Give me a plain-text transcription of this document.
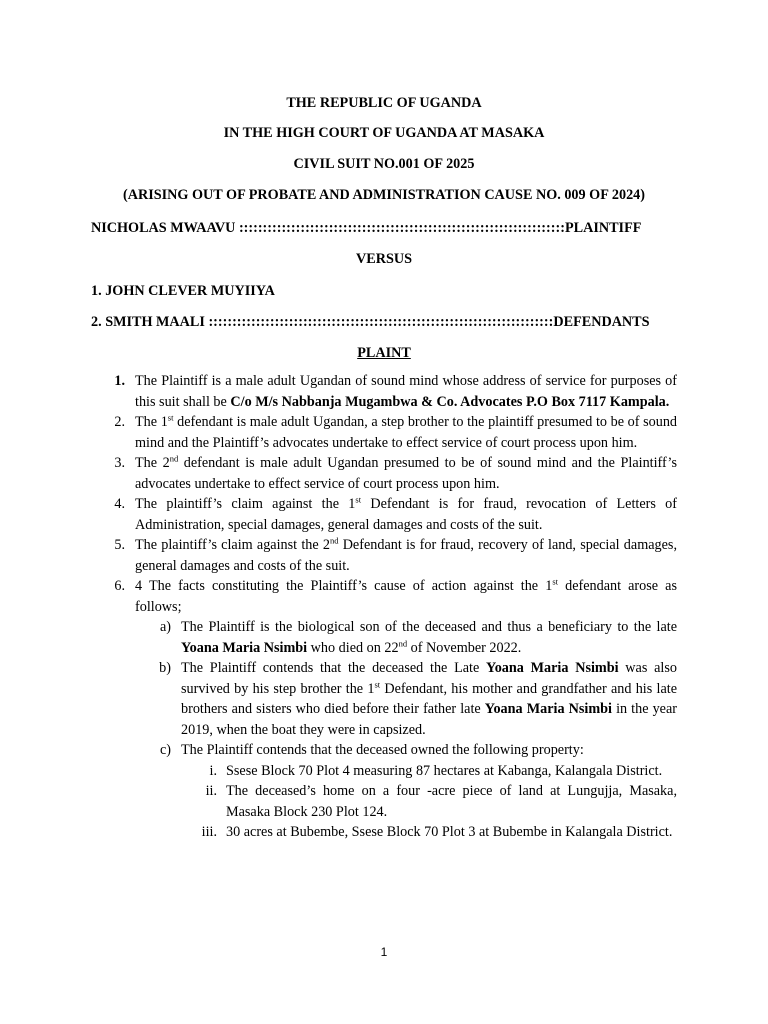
THE REPUBLIC OF UGANDA
IN THE HIGH COURT OF UGANDA AT MASAKA
CIVIL SUIT NO.001 OF 2025
(ARISING OUT OF PROBATE AND ADMINISTRATION CAUSE NO. 009 OF 2024)
NICHOLAS MWAAVU :::::::::::::::::::::::::::::::::::::::::::::::::::::::::::::::::::::PLAINTIFF
VERSUS
1. JOHN CLEVER MUYIIYA
2. SMITH MAALI :::::::::::::::::::::::::::::::::::::::::::::::::::::::::::::::::::::::::DEFENDANTS
PLAINT
1. The Plaintiff is a male adult Ugandan of sound mind whose address of service for purposes of this suit shall be C/o M/s Nabbanja Mugambwa & Co. Advocates P.O Box 7117 Kampala.
2. The 1st defendant is male adult Ugandan, a step brother to the plaintiff presumed to be of sound mind and the Plaintiff’s advocates undertake to effect service of court process upon him.
3. The 2nd defendant is male adult Ugandan presumed to be of sound mind and the Plaintiff’s advocates undertake to effect service of court process upon him.
4. The plaintiff’s claim against the 1st Defendant is for fraud, revocation of Letters of Administration, special damages, general damages and costs of the suit.
5. The plaintiff’s claim against the 2nd Defendant is for fraud, recovery of land, special damages, general damages and costs of the suit.
6. 4 The facts constituting the Plaintiff’s cause of action against the 1st defendant arose as follows;
a) The Plaintiff is the biological son of the deceased and thus a beneficiary to the late Yoana Maria Nsimbi who died on 22nd of November 2022.
b) The Plaintiff contends that the deceased the Late Yoana Maria Nsimbi was also survived by his step brother the 1st Defendant, his mother and grandfather and his late brothers and sisters who died before their father late Yoana Maria Nsimbi in the year 2019, when the boat they were in capsized.
c) The Plaintiff contends that the deceased owned the following property:
i. Ssese Block 70 Plot 4 measuring 87 hectares at Kabanga, Kalangala District.
ii. The deceased’s home on a four -acre piece of land at Lungujja, Masaka, Masaka Block 230 Plot 124.
iii. 30 acres at Bubembe, Ssese Block 70 Plot 3 at Bubembe in Kalangala District.
1
